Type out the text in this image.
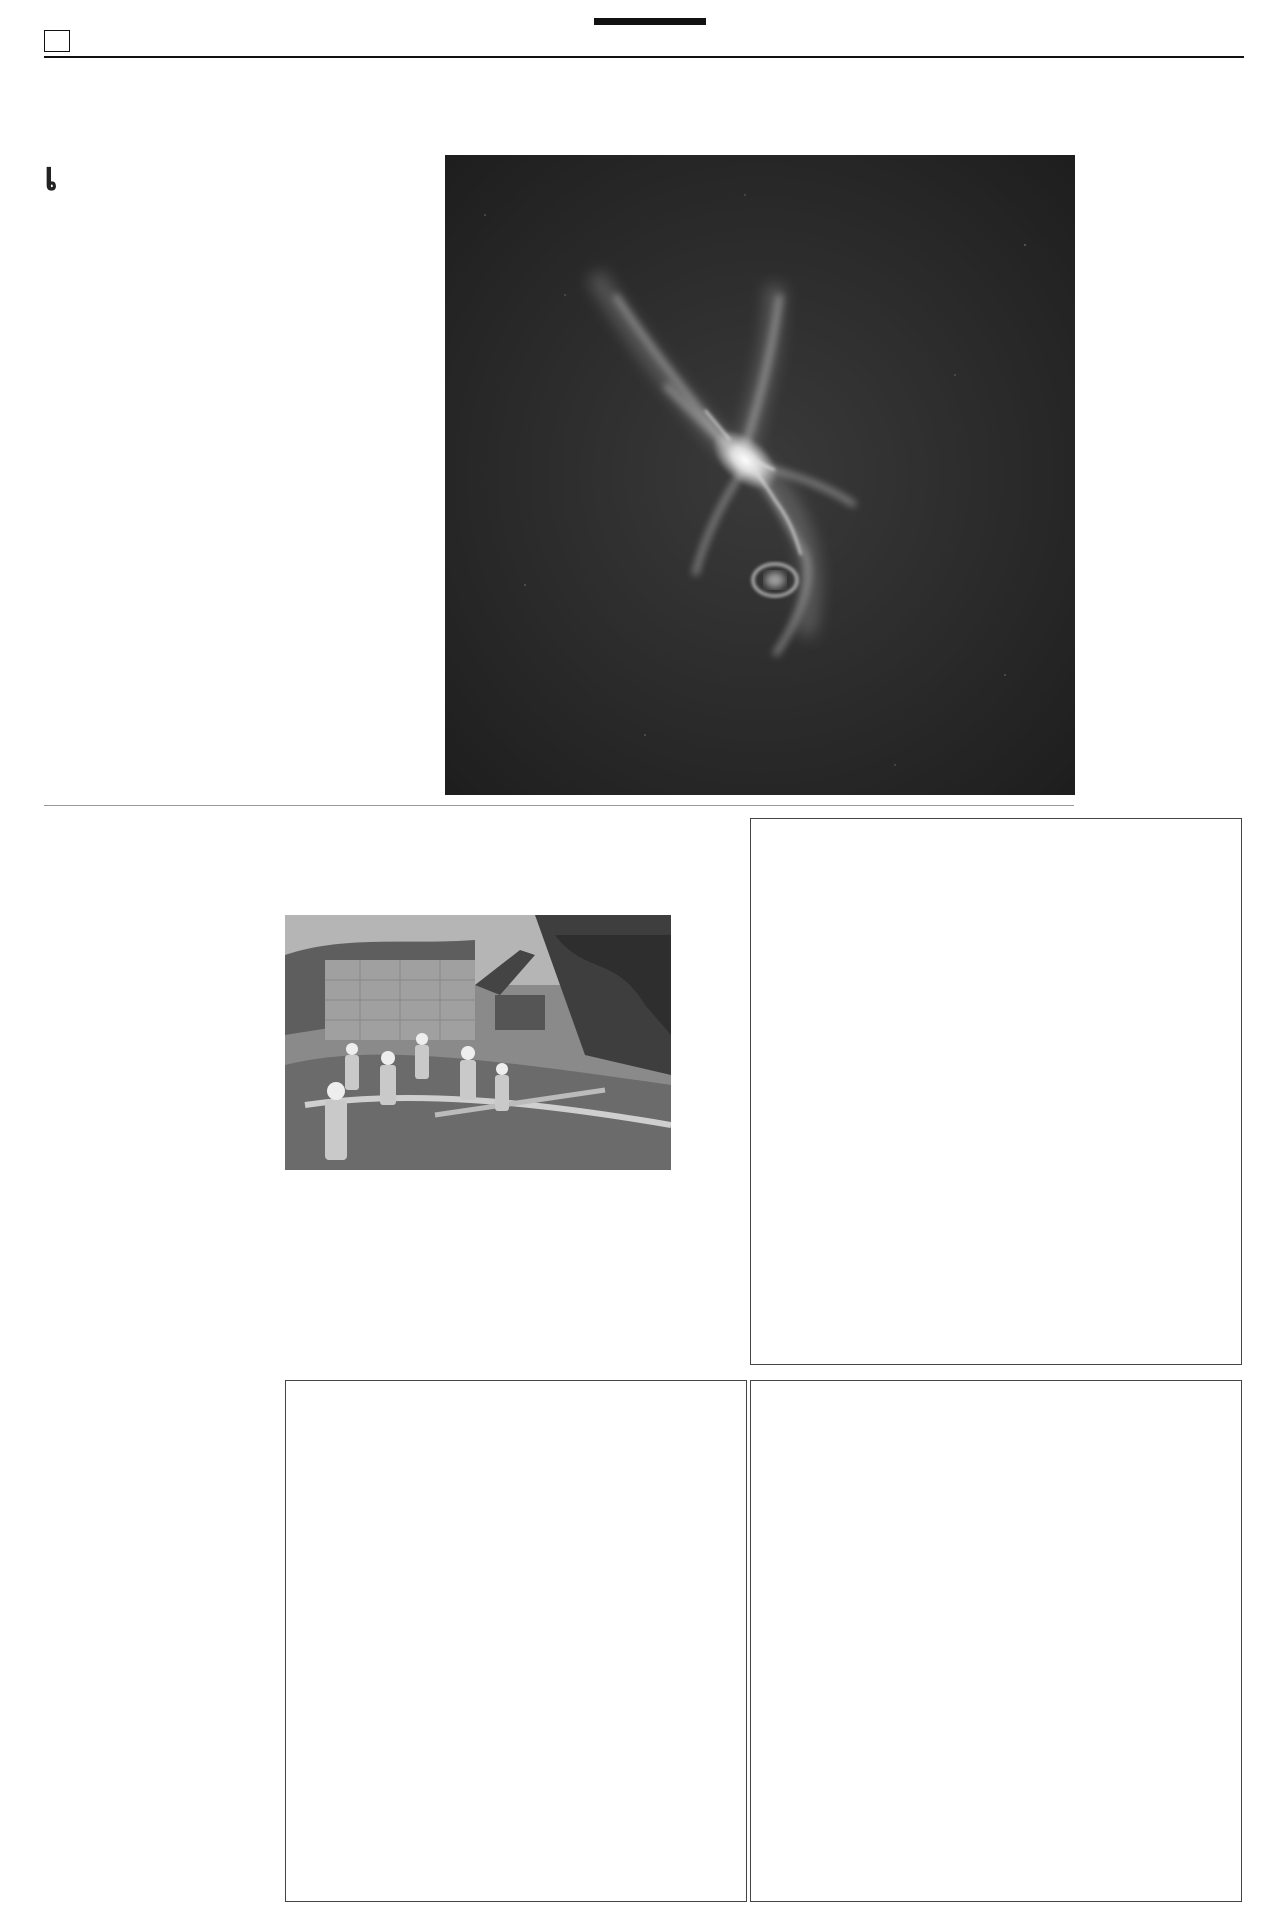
เ
